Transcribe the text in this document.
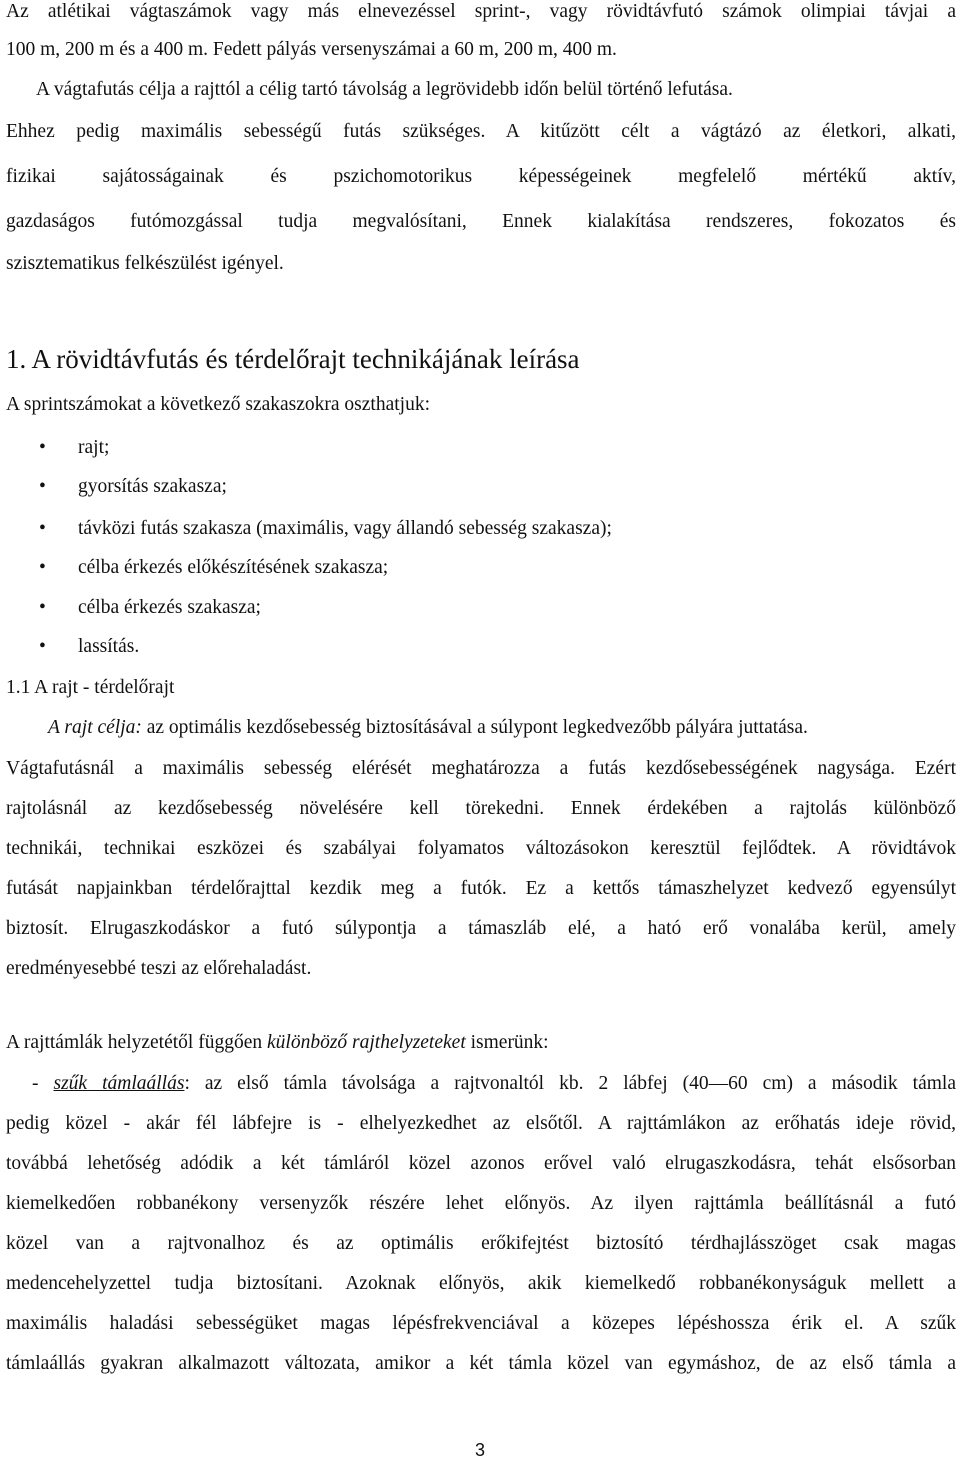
Az atlétikai vágtaszámok vagy más elnevezéssel sprint-, vagy rövidtávfutó számok olimpiai távjai a
100 m, 200 m és a 400 m. Fedett pályás versenyszámai a 60 m, 200 m, 400 m.
A vágtafutás célja a rajttól a célig tartó távolság a legrövidebb időn belül történő lefutása.
Ehhez pedig maximális sebességű futás szükséges. A kitűzött célt a vágtázó az életkori, alkati,
fizikai sajátosságainak és pszichomotorikus képességeinek megfelelő mértékű aktív,
gazdaságos futómozgással tudja megvalósítani, Ennek kialakítása rendszeres, fokozatos és
szisztematikus felkészülést igényel.
1. A rövidtávfutás és térdelőrajt technikájának leírása
A sprintszámokat a következő szakaszokra oszthatjuk:
• rajt;
• gyorsítás szakasza;
• távközi futás szakasza (maximális, vagy állandó sebesség szakasza);
• célba érkezés előkészítésének szakasza;
• célba érkezés szakasza;
• lassítás.
1.1 A rajt - térdelőrajt
A rajt célja: az optimális kezdősebesség biztosításával a súlypont legkedvezőbb pályára juttatása.
Vágtafutásnál a maximális sebesség elérését meghatározza a futás kezdősebességének nagysága. Ezért
rajtolásnál az kezdősebesség növelésére kell törekedni. Ennek érdekében a rajtolás különböző
technikái, technikai eszközei és szabályai folyamatos változásokon keresztül fejlődtek. A rövidtávok
futását napjainkban térdelőrajttal kezdik meg a futók. Ez a kettős támaszhelyzet kedvező egyensúlyt
biztosít. Elrugaszkodáskor a futó súlypontja a támaszláb elé, a ható erő vonalába kerül, amely
eredményesebbé teszi az előrehaladást.
A rajttámlák helyzetétől függően különböző rajthelyzeteket ismerünk:
- szűk támlaállás: az első támla távolsága a rajtvonaltól kb. 2 lábfej (40—60 cm) a második támla
pedig közel - akár fél lábfejre is - elhelyezkedhet az elsőtől. A rajttámlákon az erőhatás ideje rövid,
továbbá lehetőség adódik a két támláról közel azonos erővel való elrugaszkodásra, tehát elsősorban
kiemelkedően robbanékony versenyzők részére lehet előnyös. Az ilyen rajttámla beállításnál a futó
közel van a rajtvonalhoz és az optimális erőkifejtést biztosító térdhajlásszöget csak magas
medencehelyzettel tudja biztosítani. Azoknak előnyös, akik kiemelkedő robbanékonyságuk mellett a
maximális haladási sebességüket magas lépésfrekvenciával a közepes lépéshossza érik el. A szűk
támlaállás gyakran alkalmazott változata, amikor a két támla közel van egymáshoz, de az első támla a
3
